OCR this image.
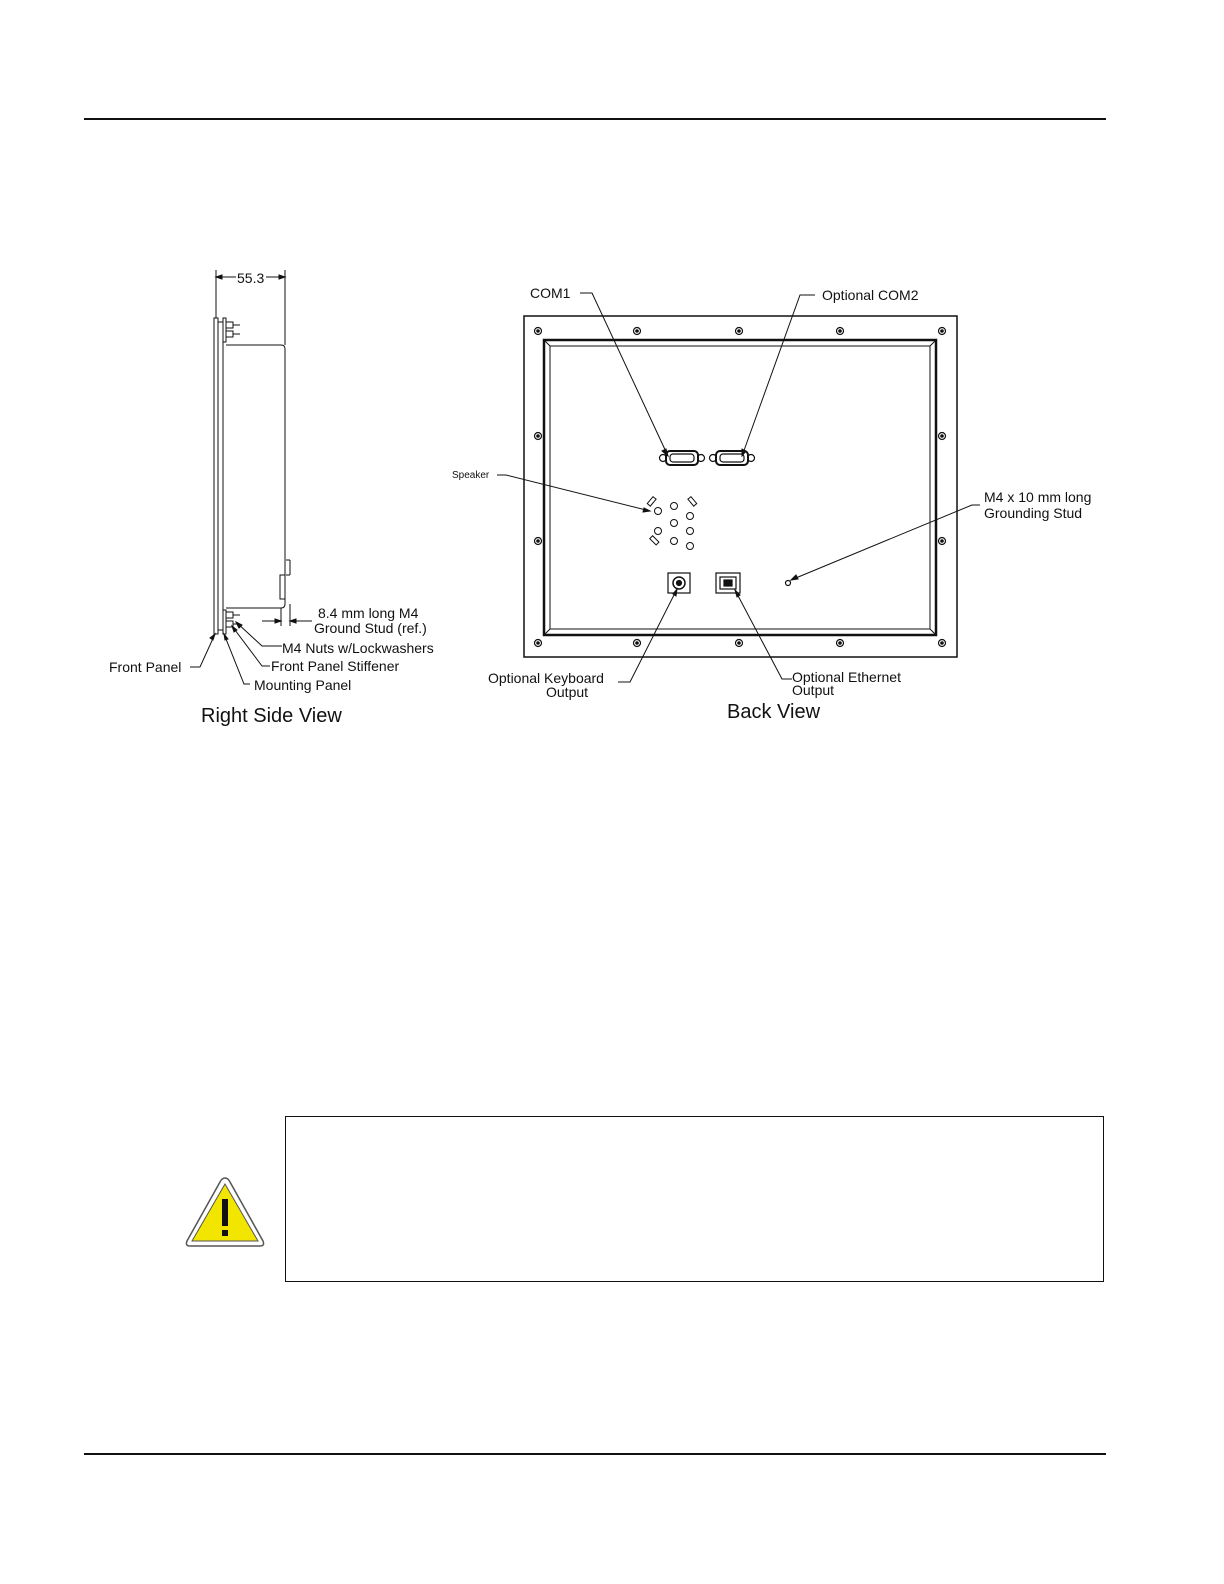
55.3
8.4 mm long M4
Ground Stud (ref.)
M4 Nuts w/Lockwashers
Front Panel Stiffener
Front Panel
Mounting Panel
Right Side View
COM1	Optional COM2
Speaker
M4 x 10 mm long
Grounding Stud
Optional Keyboard
Output
Optional Ethernet
Output
Back View
